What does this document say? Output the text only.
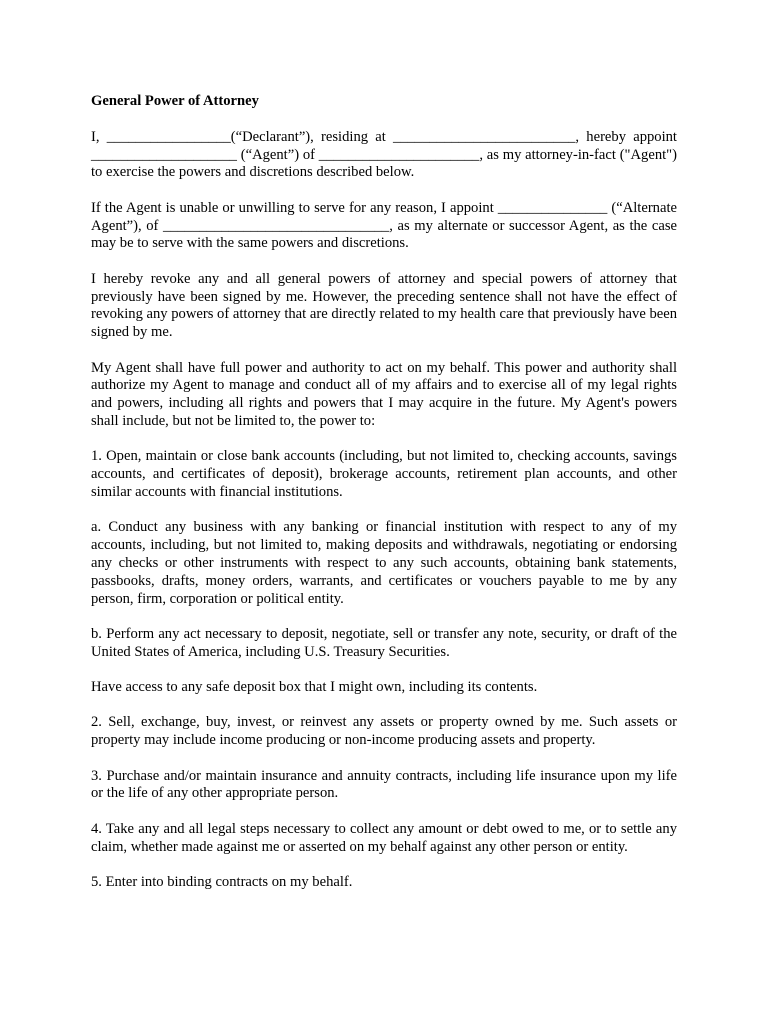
General Power of Attorney

I, _________________(“Declarant”), residing at _________________________, hereby appoint ____________________ (“Agent”) of ______________________, as my attorney-in-fact ("Agent") to exercise the powers and discretions described below.

If the Agent is unable or unwilling to serve for any reason, I appoint _______________ (“Alternate Agent”), of _______________________________, as my alternate or successor Agent, as the case may be to serve with the same powers and discretions.

I hereby revoke any and all general powers of attorney and special powers of attorney that previously have been signed by me. However, the preceding sentence shall not have the effect of revoking any powers of attorney that are directly related to my health care that previously have been signed by me.

My Agent shall have full power and authority to act on my behalf. This power and authority shall authorize my Agent to manage and conduct all of my affairs and to exercise all of my legal rights and powers, including all rights and powers that I may acquire in the future. My Agent's powers shall include, but not be limited to, the power to:

1. Open, maintain or close bank accounts (including, but not limited to, checking accounts, savings accounts, and certificates of deposit), brokerage accounts, retirement plan accounts, and other similar accounts with financial institutions.

a. Conduct any business with any banking or financial institution with respect to any of my accounts, including, but not limited to, making deposits and withdrawals, negotiating or endorsing any checks or other instruments with respect to any such accounts, obtaining bank statements, passbooks, drafts, money orders, warrants, and certificates or vouchers payable to me by any person, firm, corporation or political entity.

b. Perform any act necessary to deposit, negotiate, sell or transfer any note, security, or draft of the United States of America, including U.S. Treasury Securities.

Have access to any safe deposit box that I might own, including its contents.

2. Sell, exchange, buy, invest, or reinvest any assets or property owned by me. Such assets or property may include income producing or non-income producing assets and property.

3. Purchase and/or maintain insurance and annuity contracts, including life insurance upon my life or the life of any other appropriate person.

4. Take any and all legal steps necessary to collect any amount or debt owed to me, or to settle any claim, whether made against me or asserted on my behalf against any other person or entity.

5. Enter into binding contracts on my behalf.
